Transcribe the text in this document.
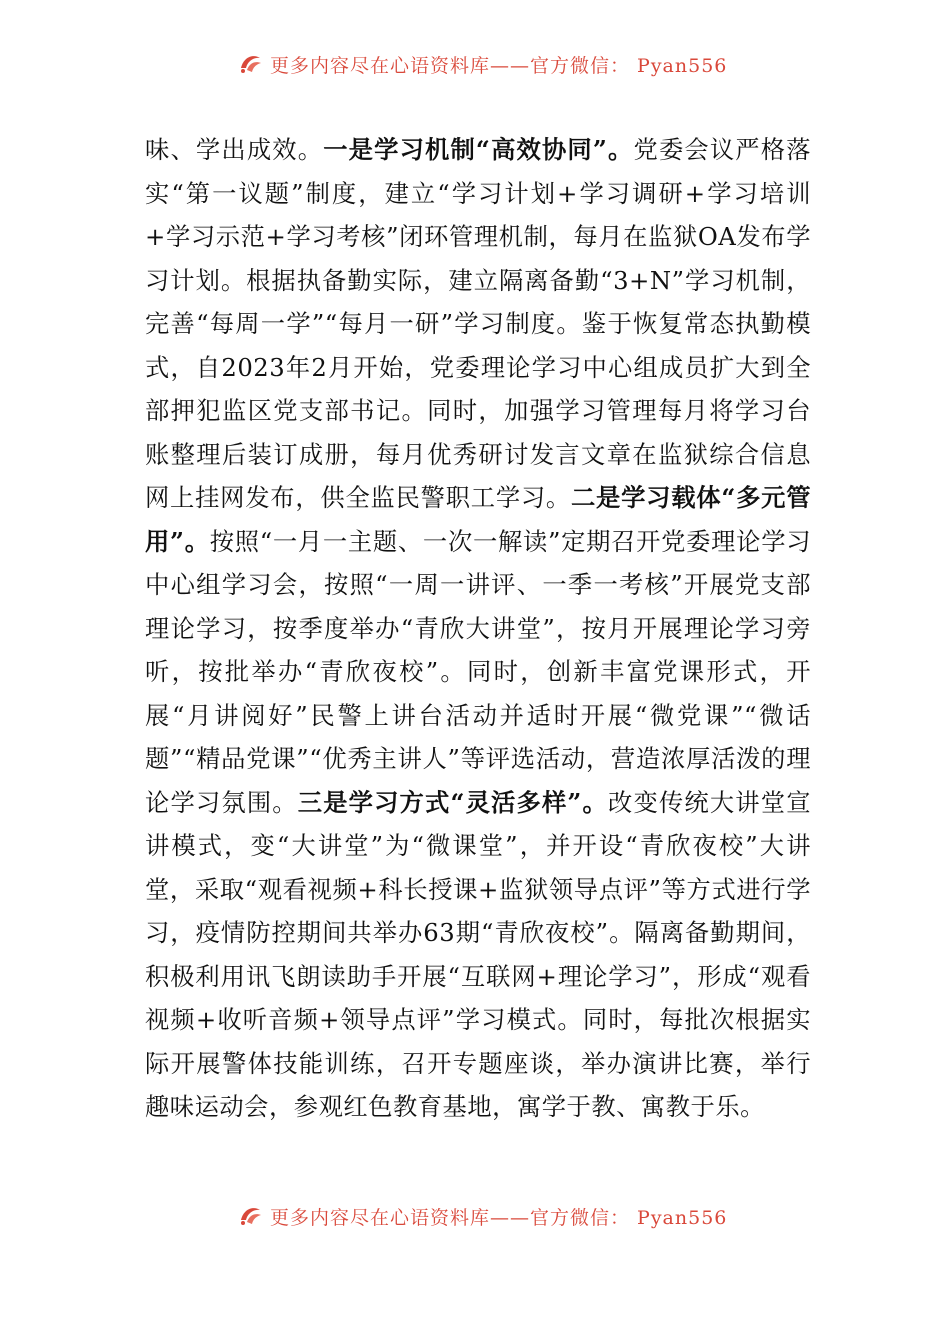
更多内容尽在心语资料库——官方微信： Pyan556
味、学出成效。一是学习机制“高效协同”。党委会议严格落实“第一议题”制度，建立“学习计划+学习调研+学习培训+学习示范+学习考核”闭环管理机制，每月在监狱OA发布学习计划。根据执备勤实际，建立隔离备勤“3+N”学习机制，完善“每周一学”“每月一研”学习制度。鉴于恢复常态执勤模式，自2023年2月开始，党委理论学习中心组成员扩大到全部押犯监区党支部书记。同时，加强学习管理每月将学习台账整理后装订成册，每月优秀研讨发言文章在监狱综合信息网上挂网发布，供全监民警职工学习。二是学习载体“多元管用”。按照“一月一主题、一次一解读”定期召开党委理论学习中心组学习会，按照“一周一讲评、一季一考核”开展党支部理论学习，按季度举办“青欣大讲堂”，按月开展理论学习旁听，按批举办“青欣夜校”。同时，创新丰富党课形式，开展“月讲阅好”民警上讲台活动并适时开展“微党课”“微话题”“精品党课”“优秀主讲人”等评选活动，营造浓厚活泼的理论学习氛围。三是学习方式“灵活多样”。改变传统大讲堂宣讲模式，变“大讲堂”为“微课堂”，并开设“青欣夜校”大讲堂，采取“观看视频+科长授课+监狱领导点评”等方式进行学习，疫情防控期间共举办63期“青欣夜校”。隔离备勤期间，积极利用讯飞朗读助手开展“互联网+理论学习”，形成“观看视频+收听音频+领导点评”学习模式。同时，每批次根据实际开展警体技能训练，召开专题座谈，举办演讲比赛，举行趣味运动会，参观红色教育基地，寓学于教、寓教于乐。
更多内容尽在心语资料库——官方微信： Pyan556
